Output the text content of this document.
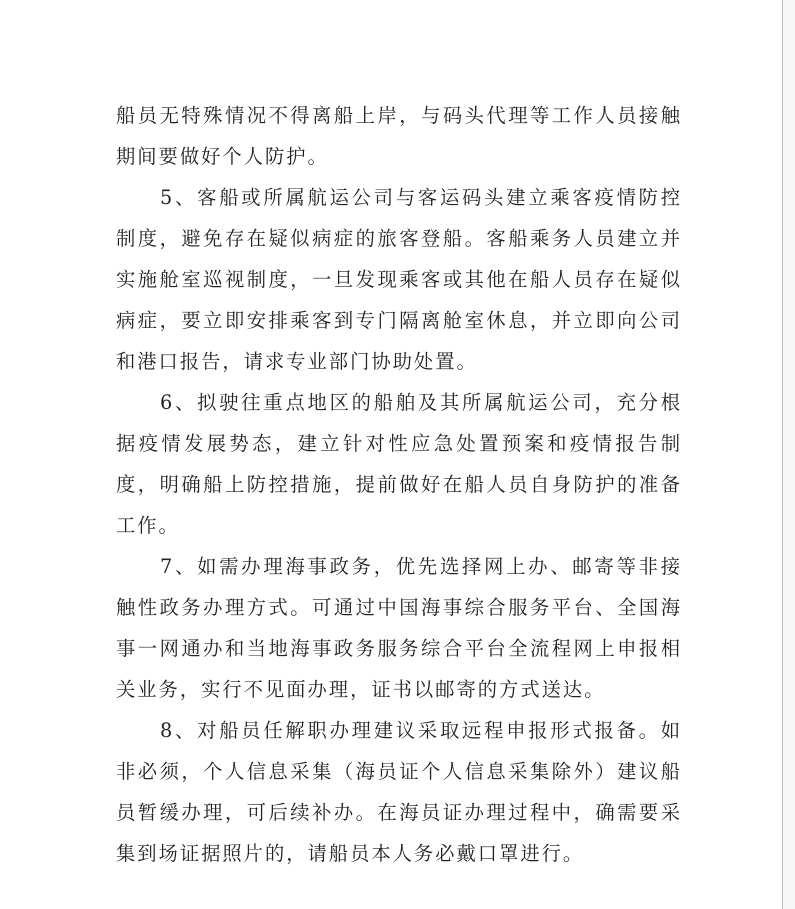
船员无特殊情况不得离船上岸，与码头代理等工作人员接触期间要做好个人防护。

5、客船或所属航运公司与客运码头建立乘客疫情防控制度，避免存在疑似病症的旅客登船。客船乘务人员建立并实施舱室巡视制度，一旦发现乘客或其他在船人员存在疑似病症，要立即安排乘客到专门隔离舱室休息，并立即向公司和港口报告，请求专业部门协助处置。

6、拟驶往重点地区的船舶及其所属航运公司，充分根据疫情发展势态，建立针对性应急处置预案和疫情报告制度，明确船上防控措施，提前做好在船人员自身防护的准备工作。

7、如需办理海事政务，优先选择网上办、邮寄等非接触性政务办理方式。可通过中国海事综合服务平台、全国海事一网通办和当地海事政务服务综合平台全流程网上申报相关业务，实行不见面办理，证书以邮寄的方式送达。

8、对船员任解职办理建议采取远程申报形式报备。如非必须，个人信息采集（海员证个人信息采集除外）建议船员暂缓办理，可后续补办。在海员证办理过程中，确需要采集到场证据照片的，请船员本人务必戴口罩进行。
